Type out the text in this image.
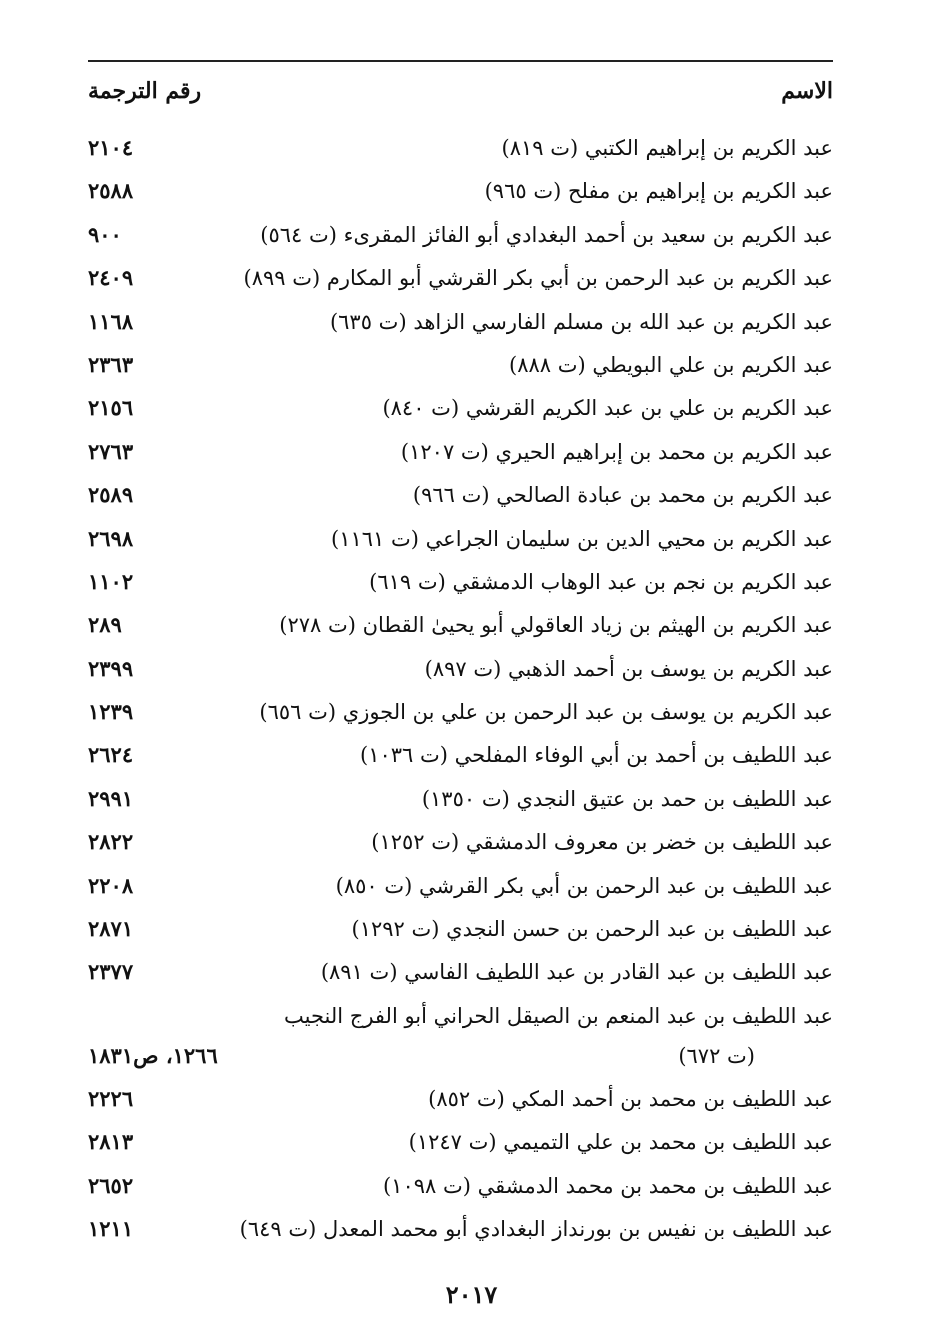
الاسم
رقم الترجمة
عبد الكريم بن إبراهيم الكتبي (ت ٨١٩)
٢١٠٤
عبد الكريم بن إبراهيم بن مفلح (ت ٩٦٥)
٢٥٨٨
عبد الكريم بن سعيد بن أحمد البغدادي أبو الفائز المقرىء (ت ٥٦٤)
٩٠٠
عبد الكريم بن عبد الرحمن بن أبي بكر القرشي أبو المكارم (ت ٨٩٩)
٢٤٠٩
عبد الكريم بن عبد الله بن مسلم الفارسي الزاهد (ت ٦٣٥)
١١٦٨
عبد الكريم بن علي البويطي (ت ٨٨٨)
٢٣٦٣
عبد الكريم بن علي بن عبد الكريم القرشي (ت ٨٤٠)
٢١٥٦
عبد الكريم بن محمد بن إبراهيم الحيري (ت ١٢٠٧)
٢٧٦٣
عبد الكريم بن محمد بن عبادة الصالحي (ت ٩٦٦)
٢٥٨٩
عبد الكريم بن محيي الدين بن سليمان الجراعي (ت ١١٦١)
٢٦٩٨
عبد الكريم بن نجم بن عبد الوهاب الدمشقي (ت ٦١٩)
١١٠٢
عبد الكريم بن الهيثم بن زياد العاقولي أبو يحيىٰ القطان (ت ٢٧٨)
٢٨٩
عبد الكريم بن يوسف بن أحمد الذهبي (ت ٨٩٧)
٢٣٩٩
عبد الكريم بن يوسف بن عبد الرحمن بن علي بن الجوزي (ت ٦٥٦)
١٢٣٩
عبد اللطيف بن أحمد بن أبي الوفاء المفلحي (ت ١٠٣٦)
٢٦٢٤
عبد اللطيف بن حمد بن عتيق النجدي (ت ١٣٥٠)
٢٩٩١
عبد اللطيف بن خضر بن معروف الدمشقي (ت ١٢٥٢)
٢٨٢٢
عبد اللطيف بن عبد الرحمن بن أبي بكر القرشي (ت ٨٥٠)
٢٢٠٨
عبد اللطيف بن عبد الرحمن بن حسن النجدي (ت ١٢٩٢)
٢٨٧١
عبد اللطيف بن عبد القادر بن عبد اللطيف الفاسي (ت ٨٩١)
٢٣٧٧
عبد اللطيف بن عبد المنعم بن الصيقل الحراني أبو الفرج النجيب
(ت ٦٧٢)
١٢٦٦، ص١٨٣١
عبد اللطيف بن محمد بن أحمد المكي (ت ٨٥٢)
٢٢٢٦
عبد اللطيف بن محمد بن علي التميمي (ت ١٢٤٧)
٢٨١٣
عبد اللطيف بن محمد بن محمد الدمشقي (ت ١٠٩٨)
٢٦٥٢
عبد اللطيف بن نفيس بن بورنداز البغدادي أبو محمد المعدل (ت ٦٤٩)
١٢١١
٢٠١٧
